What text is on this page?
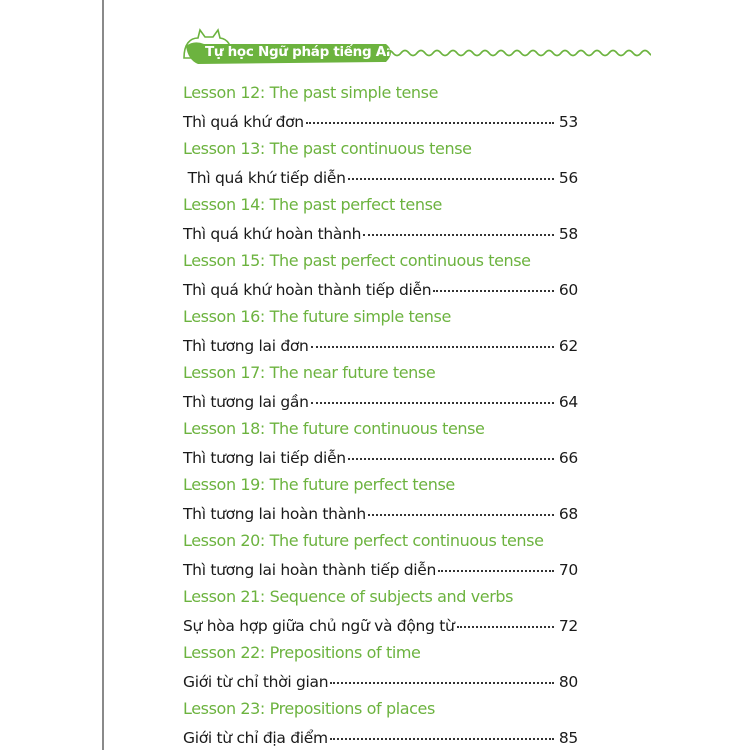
Tự học Ngữ pháp tiếng Anh cơ bản
Lesson 12: The past simple tense
Thì quá khứ đơn	53
Lesson 13: The past continuous tense
Thì quá khứ tiếp diễn	56
Lesson 14: The past perfect tense
Thì quá khứ hoàn thành	58
Lesson 15: The past perfect continuous tense
Thì quá khứ hoàn thành tiếp diễn	60
Lesson 16: The future simple tense
Thì tương lai đơn	62
Lesson 17: The near future tense
Thì tương lai gần	64
Lesson 18: The future continuous tense
Thì tương lai tiếp diễn	66
Lesson 19: The future perfect tense
Thì tương lai hoàn thành	68
Lesson 20: The future perfect continuous tense
Thì tương lai hoàn thành tiếp diễn	70
Lesson 21: Sequence of subjects and verbs
Sự hòa hợp giữa chủ ngữ và động từ	72
Lesson 22: Prepositions of time
Giới từ chỉ thời gian	80
Lesson 23: Prepositions of places
Giới từ chỉ địa điểm	85
